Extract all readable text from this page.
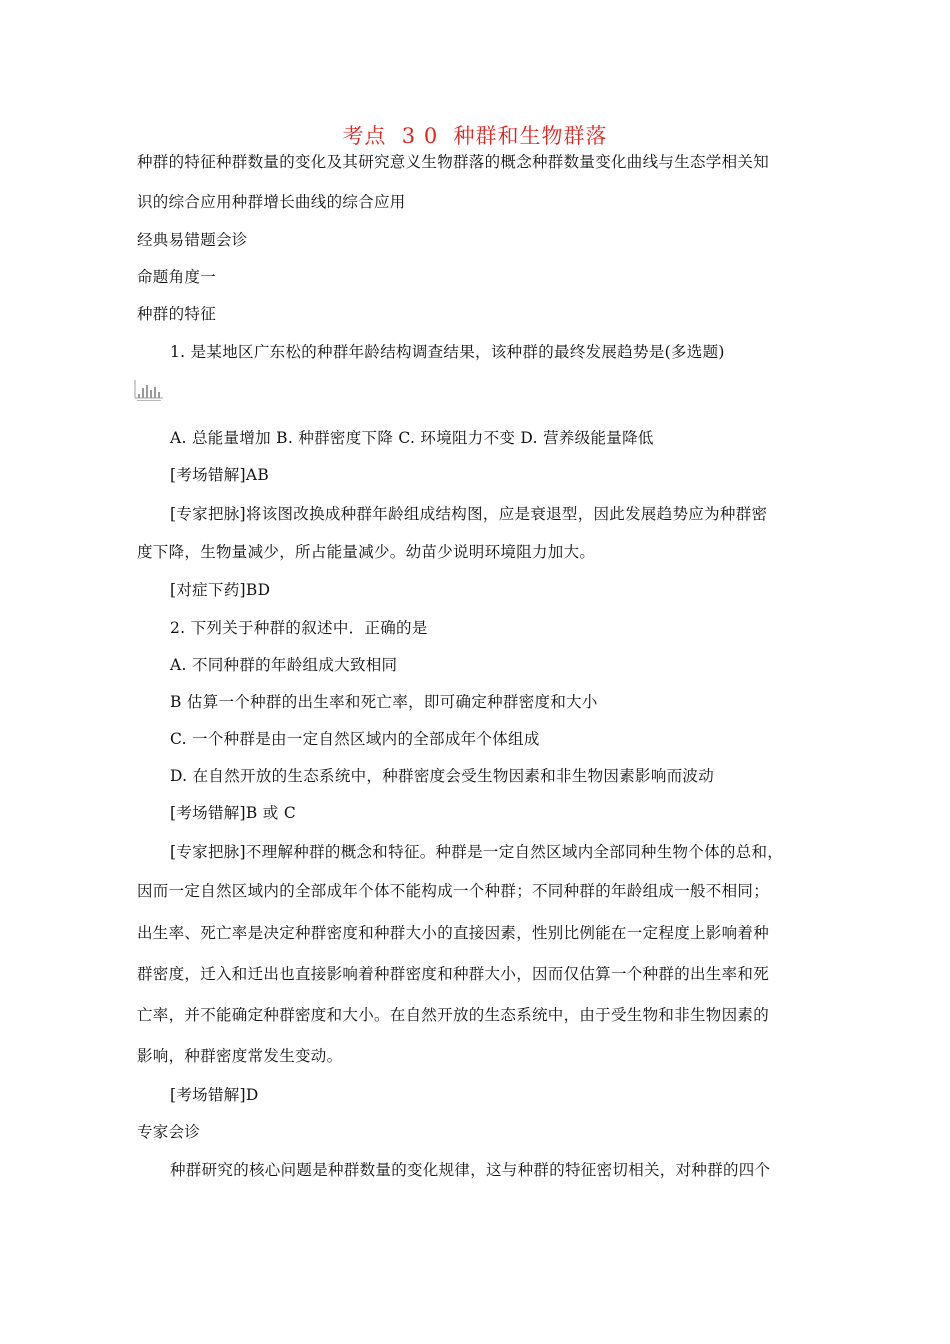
考点  3 0  种群和生物群落
种群的特征种群数量的变化及其研究意义生物群落的概念种群数量变化曲线与生态学相关知
识的综合应用种群增长曲线的综合应用
经典易错题会诊
命题角度一
种群的特征
1. 是某地区广东松的种群年龄结构调查结果，该种群的最终发展趋势是(多选题)
A. 总能量增加 B. 种群密度下降 C. 环境阻力不变 D. 营养级能量降低
[考场错解]AB
[专家把脉]将该图改换成种群年龄组成结构图，应是衰退型，因此发展趋势应为种群密
度下降，生物量减少，所占能量减少。幼苗少说明环境阻力加大。
[对症下药]BD
2. 下列关于种群的叙述中．正确的是
A. 不同种群的年龄组成大致相同
B 估算一个种群的出生率和死亡率，即可确定种群密度和大小
C. 一个种群是由一定自然区域内的全部成年个体组成
D. 在自然开放的生态系统中，种群密度会受生物因素和非生物因素影响而波动
[考场错解]B 或 C
[专家把脉]不理解种群的概念和特征。种群是一定自然区域内全部同种生物个体的总和，
因而一定自然区域内的全部成年个体不能构成一个种群；不同种群的年龄组成一般不相同；
出生率、死亡率是决定种群密度和种群大小的直接因素，性别比例能在一定程度上影响着种
群密度，迁入和迁出也直接影响着种群密度和种群大小，因而仅估算一个种群的出生率和死
亡率，并不能确定种群密度和大小。在自然开放的生态系统中，由于受生物和非生物因素的
影响，种群密度常发生变动。
[考场错解]D
专家会诊
种群研究的核心问题是种群数量的变化规律，这与种群的特征密切相关，对种群的四个
